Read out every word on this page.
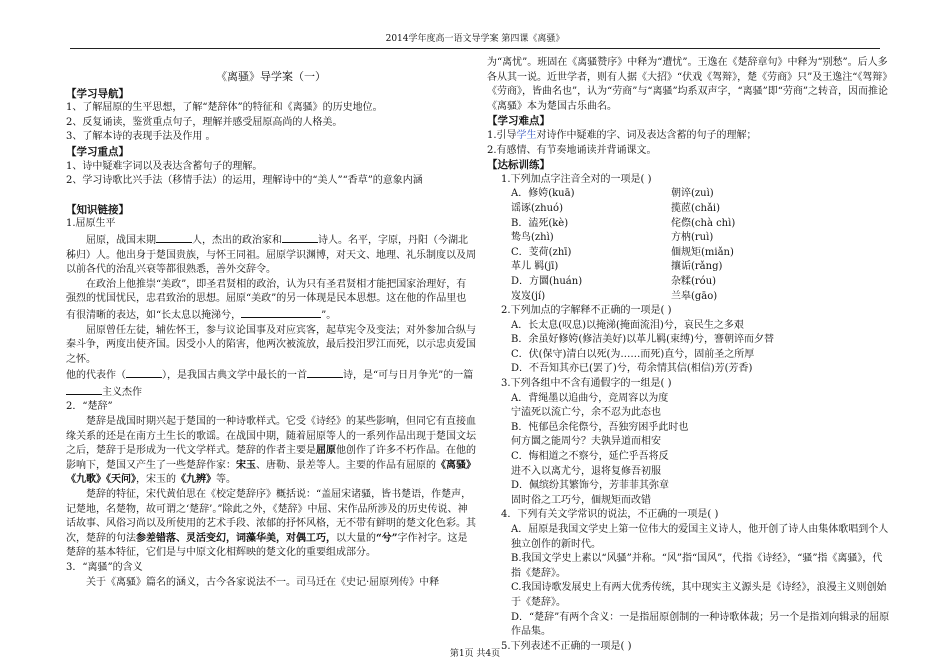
2014学年度高一语文导学案 第四课《离骚》
《离骚》导学案（一）
【学习导航】

1、了解屈原的生平思想，了解“楚辞体”的特征和《离骚》的历史地位。

2、反复诵读，鉴赏重点句子，理解并感受屈原高尚的人格美。

3、了解本诗的表现手法及作用 。

【学习重点】

1、诗中疑难字词以及表达含蓄句子的理解。

2、学习诗歌比兴手法（移情手法）的运用，理解诗中的“美人”“香草”的意象内涵

【知识链接】

1.屈原生平

屈原，战国末期	人，杰出的政治家和	诗人。名平，字原，丹阳（今湖北秭归）人。他出身于楚国贵族，与怀王同祖。屈原学识渊博，对天文、地理、礼乐制度以及周以前各代的治乱兴衰等都很熟悉，善外交辞令。

在政治上他推崇“美政”，即圣君贤相的政治，认为只有圣君贤相才能把国家治理好，有强烈的忧国忧民，忠君致治的思想。屈原“美政”的另一体现是民本思想。这在他的作品里也有很清晰的表达，如“长太息以掩涕兮，	”。

屈原曾任左徒，辅佐怀王，参与议论国事及对应宾客，起草宪令及变法；对外参加合纵与秦斗争，两度出使齐国。因受小人的陷害，他两次被流放，最后投汨罗江而死，以示忠贞爱国之怀。

他的代表作（	），是我国古典文学中最长的一首	诗，是“可与日月争光”的一篇主义杰作

2．“楚辞”

楚辞是战国时期兴起于楚国的一种诗歌样式。它受《诗经》的某些影响，但同它有直接血缘关系的还是在南方土生长的歌谣。在战国中期，随着屈原等人的一系列作品出现于楚国文坛之后，楚辞于是形成为一代文学样式。楚辞的作者主要是屈原他创作了许多不朽作品。在他的影响下，楚国又产生了一些楚辞作家：宋玉、唐勒、景差等人。主要的作品有屈原的《离骚》《九歌》《天问》，宋玉的《九辨》等。

楚辞的特征，宋代黄伯思在《校定楚辞序》概括说：“盖屈宋诸骚，皆书楚语，作楚声，记楚地，名楚物，故可谓之‘楚辞’。”除此之外，《楚辞》中屈、宋作品所涉及的历史传说、神话故事、风俗习尚以及所使用的艺术手段、浓郁的抒怀风格，无不带有鲜明的楚文化色彩。其次，楚辞的句法参差错落、灵活变幻，词藻华美，对偶工巧，以大量的“兮”字作衬字。这是楚辞的基本特征，它们是与中原文化相辉映的楚文化的重要组成部分。

3．“离骚”的含义

关于《离骚》篇名的涵义，古今各家说法不一。司马迁在《史记·屈原列传》中释

为“离忧”。班固在《离骚赞序》中释为“遭忧”。王逸在《楚辞章句》中释为“别愁”。后人多各从其一说。近世学者，则有人据《大招》“伏戏《驾辩》，楚《劳商》只”及王逸注“《驾辩》《劳商》，皆曲名也”，认为“劳商”与“离骚”均系双声字，“离骚”即“劳商”之转音，因而推论《离骚》本为楚国古乐曲名。

【学习难点】

1.引导学生对诗作中疑难的字、词及表达含蓄的句子的理解；

2.有感情、有节奏地诵读并背诵课文。

【达标训练】

1.下列加点字注音全对的一项是( )

A．修姱(kuā)	朝谇(zuì)
谣诼(zhuó)	揽茝(chǎi)
B．溘死(kè)	侘傺(chà chì)
鸷鸟(zhì)	方枘(ruì)
C．芰荷(zhī)	偭规矩(miǎn)
革儿 羁(jī)	攘诟(rǎng)
D．方圜(huán)	杂糅(róu)
岌岌(jí)	兰皋(gāo)

2.下列加点的字解释不正确的一项是( )

A．长太息(叹息)以掩涕(掩面流泪)兮，哀民生之多艰

B．余虽好修姱(修洁美好)以革儿羁(束缚)兮，謇朝谇而夕替

C．伏(保守)清白以死(为……而死)直兮，固前圣之所厚

D．不吾知其亦已(罢了)兮，苟余情其信(相信)芳(芳香)

3.下列各组中不含有通假字的一组是( )

A．背绳墨以追曲兮，竞周容以为度

宁溘死以流亡兮，余不忍为此态也

B．忳郁邑余侘傺兮，吾独穷困乎此时也

何方圜之能周兮？夫孰异道而相安

C．悔相道之不察兮，延伫乎吾将反

进不入以离尤兮，退将复修吾初服

D．佩缤纷其繁饰兮，芳菲菲其弥章

固时俗之工巧兮，偭规矩而改错

4．下列有关文学常识的说法，不正确的一项是( )

A．屈原是我国文学史上第一位伟大的爱国主义诗人，他开创了诗人由集体歌唱到个人独立创作的新时代。

B.我国文学史上素以“风骚”并称。“风”指“国风”，代指《诗经》，“骚”指《离骚》，代指《楚辞》。

C.我国诗歌发展史上有两大优秀传统，其中现实主义源头是《诗经》，浪漫主义则创始于《楚辞》。

D．“楚辞”有两个含义：一是指屈原创制的一种诗歌体裁；另一个是指刘向辑录的屈原作品集。

5.下列表述不正确的一项是( )

第1页 共4页
